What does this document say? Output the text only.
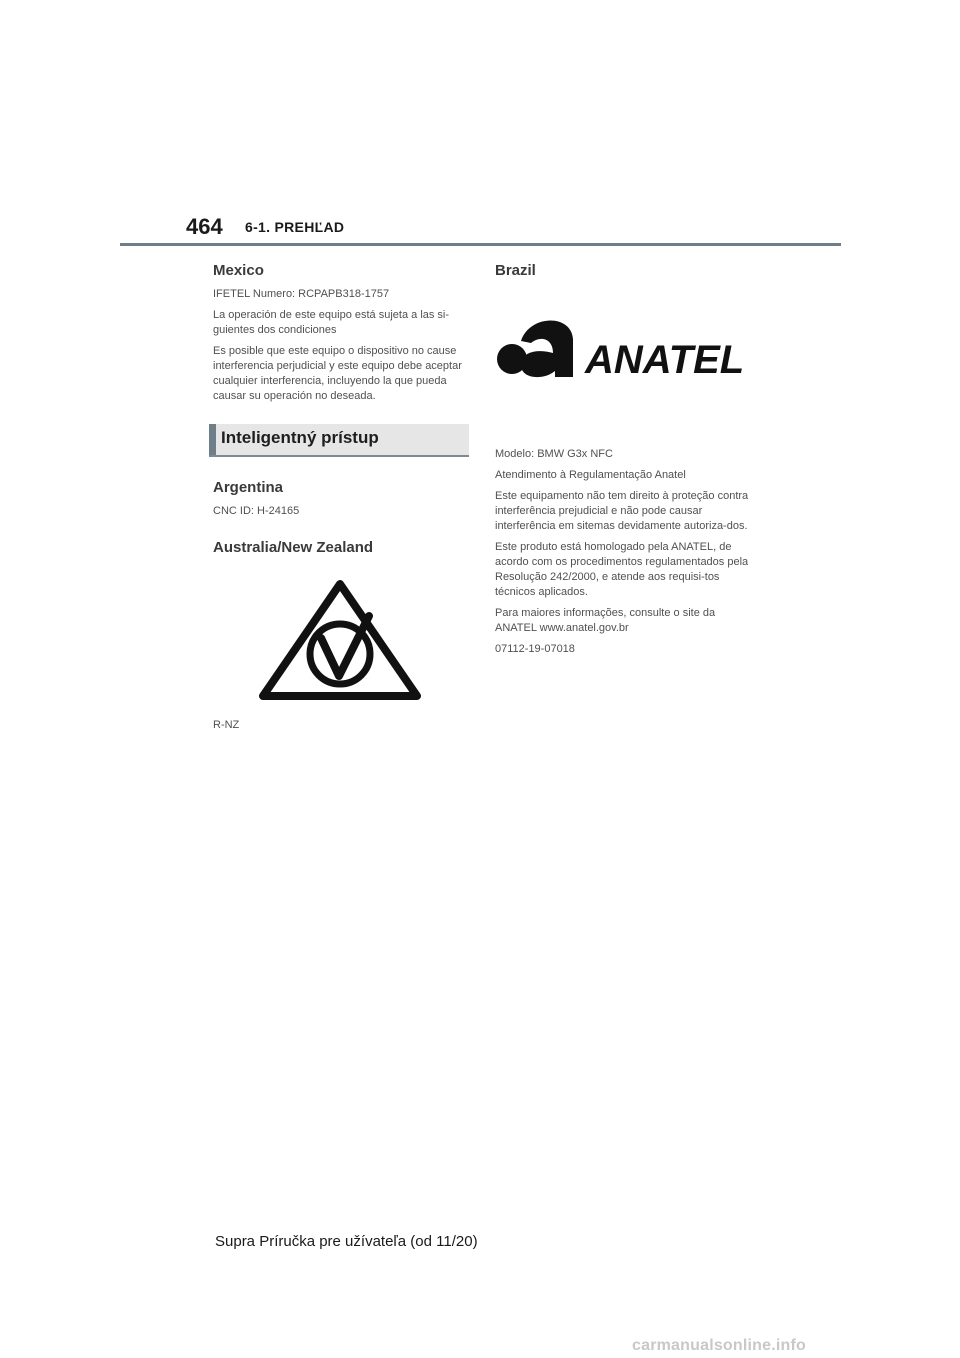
464 6-1. PREHĽAD
Mexico

IFETEL Numero: RCPAPB318-1757

La operación de este equipo está sujeta a las si-guientes dos condiciones

Es posible que este equipo o dispositivo no cause interferencia perjudicial y este equipo debe aceptar cualquier interferencia, incluyendo la que pueda causar su operación no deseada.

Inteligentný prístup
Argentina

CNC ID: H-24165

Australia/New Zealand

R-NZ

Brazil
ANATEL

Modelo: BMW G3x NFC

Atendimento à Regulamentação Anatel

Este equipamento não tem direito à proteção contra interferência prejudicial e não pode causar interferência em sitemas devidamente autoriza-dos.

Este produto está homologado pela ANATEL, de acordo com os procedimentos regulamentados pela Resolução 242/2000, e atende aos requisi-tos técnicos aplicados.

Para maiores informações, consulte o site da ANATEL www.anatel.gov.br

07112-19-07018

Supra Príručka pre užívateľa (od 11/20)
carmanualsonline.info
